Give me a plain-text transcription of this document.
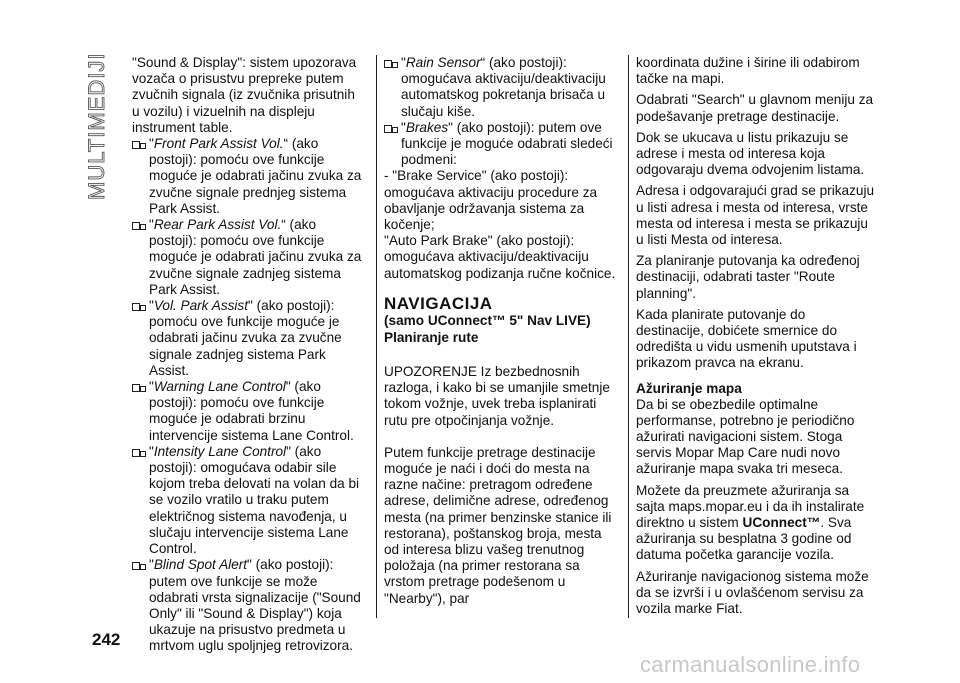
MULTIMEDIJI "Sound & Display": sistem upozorava vozača o prisustvu prepreke putem zvučnih signala (iz zvučnika prisutnih u vozilu) i vizuelnih na displeju instrument table.

"Front Park Assist Vol.“ (ako postoji): pomoću ove funkcije moguće je odabrati jačinu zvuka za zvučne signale prednjeg sistema Park Assist.
"Rear Park Assist Vol.“ (ako postoji): pomoću ove funkcije moguće je odabrati jačinu zvuka za zvučne signale zadnjeg sistema Park Assist.
"Vol. Park Assist" (ako postoji): pomoću ove funkcije moguće je odabrati jačinu zvuka za zvučne signale zadnjeg sistema Park Assist.
"Warning Lane Control" (ako postoji): pomoću ove funkcije moguće je odabrati brzinu intervencije sistema Lane Control.
"Intensity Lane Control" (ako postoji): omogućava odabir sile kojom treba delovati na volan da bi se vozilo vratilo u traku putem električnog sistema navođenja, u slučaju intervencije sistema Lane Control.
"Blind Spot Alert" (ako postoji): putem ove funkcije se može odabrati vrsta signalizacije ("Sound Only" ili "Sound & Display") koja ukazuje na prisustvo predmeta u mrtvom uglu spoljnjeg retrovizora.
"Rain Sensor“ (ako postoji): omogućava aktivaciju/deaktivaciju automatskog pokretanja brisača u slučaju kiše.
"Brakes" (ako postoji): putem ove funkcije je moguće odabrati sledeći podmeni:

- "Brake Service" (ako postoji): omogućava aktivaciju procedure za obavljanje održavanja sistema za kočenje;

"Auto Park Brake" (ako postoji): omogućava aktivaciju/deaktivaciju automatskog podizanja ručne kočnice.

NAVIGACIJA
(samo UConnect™ 5" Nav LIVE) Planiranje rute

UPOZORENJE Iz bezbednosnih razloga, i kako bi se umanjile smetnje tokom vožnje, uvek treba isplanirati rutu pre otpočinjanja vožnje.

Putem funkcije pretrage destinacije moguće je naći i doći do mesta na razne načine: pretragom određene adrese, delimične adrese, određenog mesta (na primer benzinske stanice ili restorana), poštanskog broja, mesta od interesa blizu vašeg trenutnog položaja (na primer restorana sa vrstom pretrage podešenom u "Nearby"), par

koordinata dužine i širine ili odabirom tačke na mapi.

Odabrati "Search" u glavnom meniju za podešavanje pretrage destinacije.

Dok se ukucava u listu prikazuju se adrese i mesta od interesa koja odgovaraju dvema odvojenim listama.

Adresa i odgovarajući grad se prikazuju u listi adresa i mesta od interesa, vrste mesta od interesa i mesta se prikazuju u listi Mesta od interesa.

Za planiranje putovanja ka određenoj destinaciji, odabrati taster "Route planning".

Kada planirate putovanje do destinacije, dobićete smernice do odredišta u vidu usmenih uputstava i prikazom pravca na ekranu.

Ažuriranje mapa

Da bi se obezbedile optimalne performanse, potrebno je periodično ažurirati navigacioni sistem. Stoga servis Mopar Map Care nudi novo ažuriranje mapa svaka tri meseca.

Možete da preuzmete ažuriranja sa sajta maps.mopar.eu i da ih instalirate direktno u sistem UConnect™. Sva ažuriranja su besplatna 3 godine od datuma početka garancije vozila.

Ažuriranje navigacionog sistema može da se izvrši i u ovlašćenom servisu za vozila marke Fiat.

242
carmanualsonline.info
